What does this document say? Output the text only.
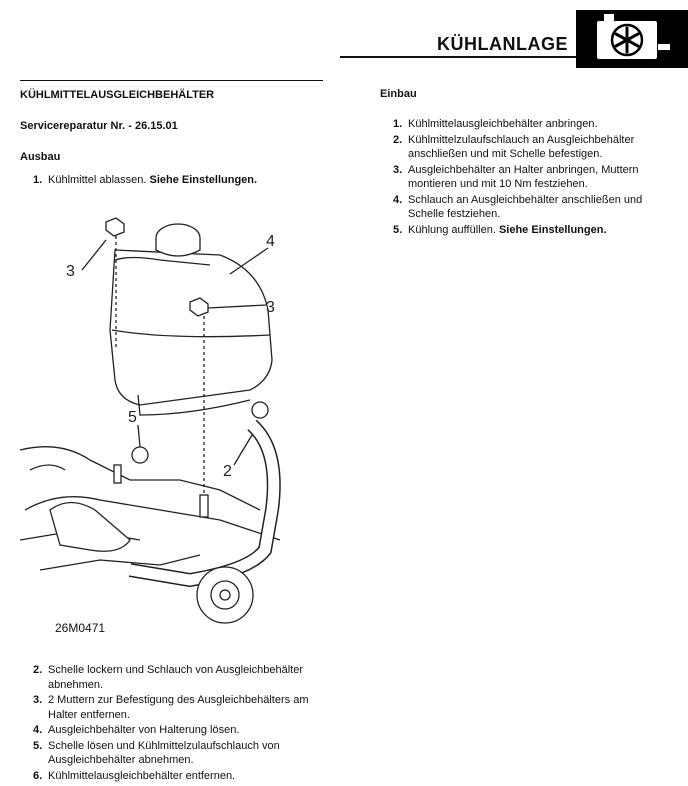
KÜHLANLAGE
KÜHLMITTELAUSGLEICHBEHÄLTER
Servicereparatur Nr. - 26.15.01
Ausbau
1. Kühlmittel ablassen. Siehe Einstellungen.
3
4
3
5
2
26M0471
2. Schelle lockern und Schlauch von Ausgleichbehälter abnehmen.
3. 2 Muttern zur Befestigung des Ausgleichbehälters am Halter entfernen.
4. Ausgleichbehälter von Halterung lösen.
5. Schelle lösen und Kühlmittelzulaufschlauch von Ausgleichbehälter abnehmen.
6. Kühlmittelausgleichbehälter entfernen.
Einbau
1. Kühlmittelausgleichbehälter anbringen.
2. Kühlmittelzulaufschlauch an Ausgleichbehälter anschließen und mit Schelle befestigen.
3. Ausgleichbehälter an Halter anbringen, Muttern montieren und mit 10 Nm festziehen.
4. Schlauch an Ausgleichbehälter anschließen und Schelle festziehen.
5. Kühlung auffüllen. Siehe Einstellungen.
